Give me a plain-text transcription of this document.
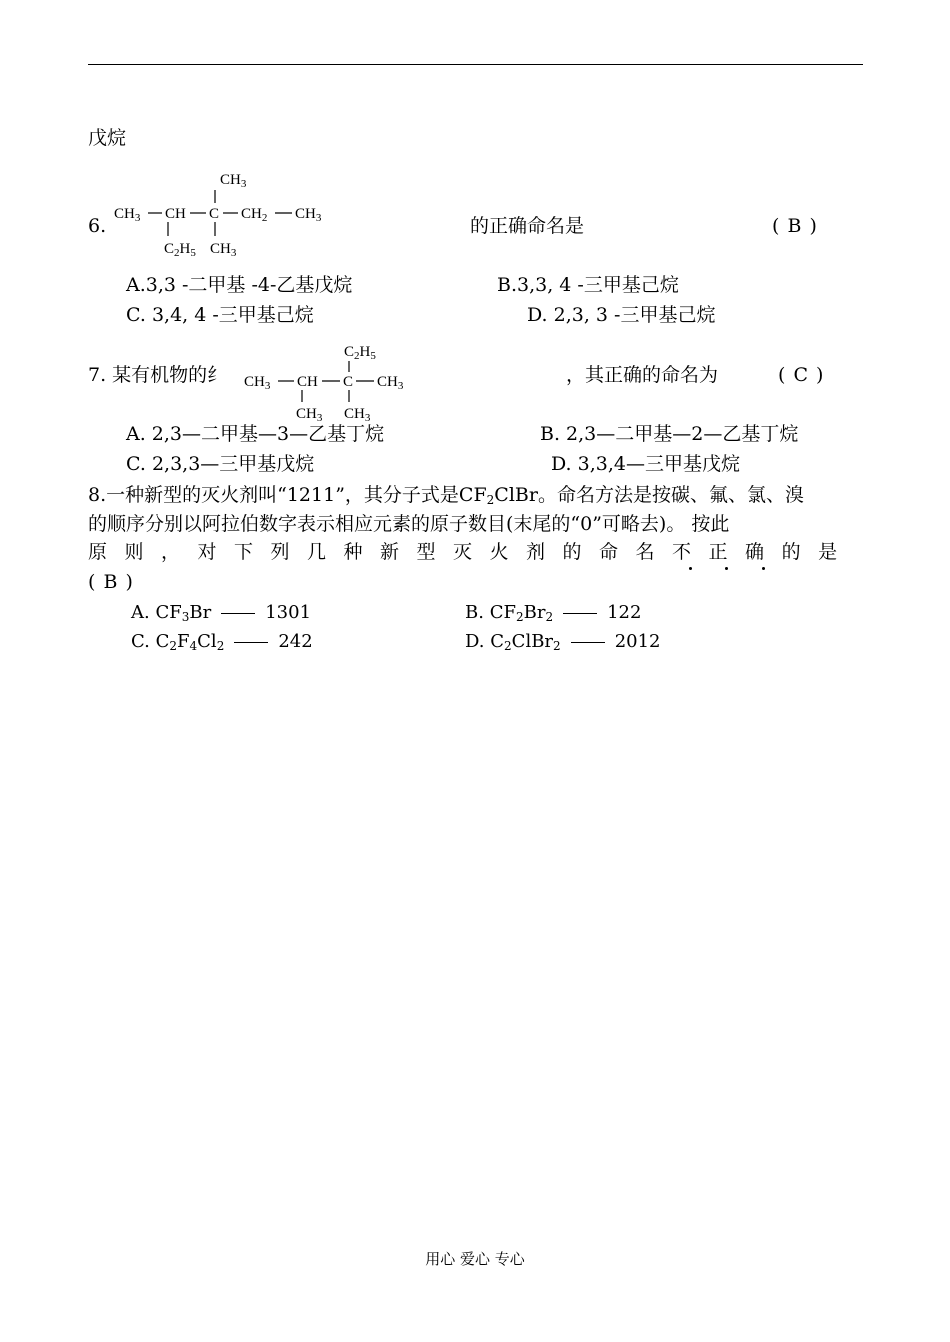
戊烷
6.
$CH_3$ CH C $CH_2$ $CH_3$
$CH_3$
$C_2H_5$ $CH_3$
的正确命名是	( B )
A.3,3 -二甲基 -4-乙基戊烷	B.3,3, 4 -三甲基己烷
C. 3,4, 4 -三甲基己烷	D. 2,3, 3 -三甲基己烷
7. 某有机物的纟 $CH_3$ CH C $CH_3$
$C_2H_5$
$CH_3$ $CH_3$
，其正确的命名为	( C )
A. 2,3—二甲基—3—乙基丁烷	B. 2,3—二甲基—2—乙基丁烷
C. 2,3,3—三甲基戊烷	D. 3,3,4—三甲基戊烷
8.一种新型的灭火剂叫“1211”，其分子式是$CF_2ClBr$。命名方法是按碳、氟、氯、溴
的顺序分别以阿拉伯数字表示相应元素的原子数目(末尾的“0”可略去)。 按此
原则，对下列几种新型灭火剂的命名不正确的是
( B )
A. $CF_3Br$	1301	B. $CF_2Br_2$	122
C. $C_2F_4Cl_2$	242	D. $C_2ClBr_2$	2012
用心 爱心 专心
